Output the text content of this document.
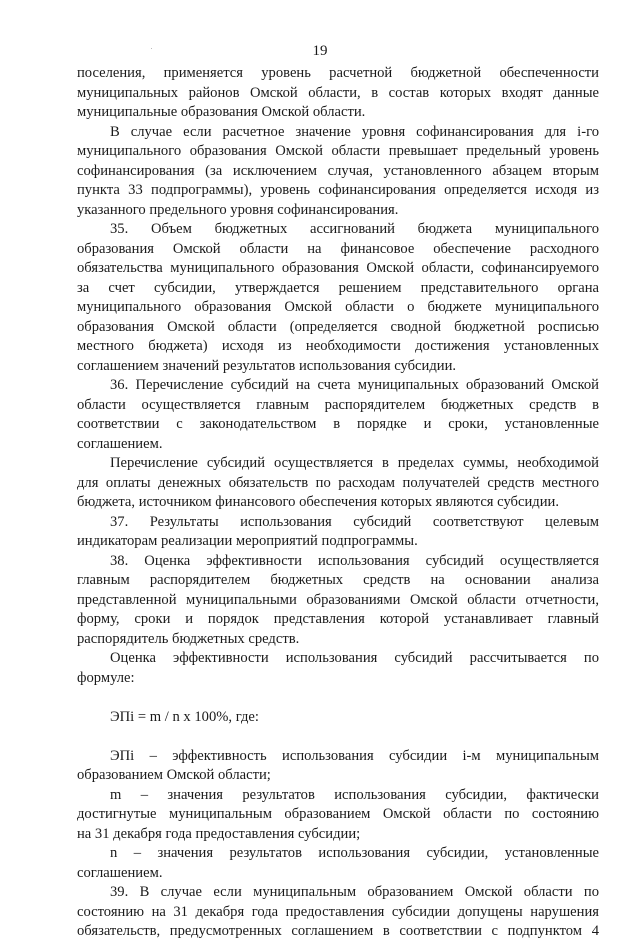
19

поселения, применяется уровень расчетной бюджетной обеспеченности

муниципальных районов Омской области, в состав которых входят данные

муниципальные образования Омской области.

В случае если расчетное значение уровня софинансирования для i-го

муниципального образования Омской области превышает предельный уровень

софинансирования (за исключением случая, установленного абзацем вторым

пункта 33 подпрограммы), уровень софинансирования определяется исходя из

указанного предельного уровня софинансирования.

35. Объем бюджетных ассигнований бюджета муниципального

образования Омской области на финансовое обеспечение расходного

обязательства муниципального образования Омской области, софинансируемого

за счет субсидии, утверждается решением представительного органа

муниципального образования Омской области о бюджете муниципального

образования Омской области (определяется сводной бюджетной росписью

местного бюджета) исходя из необходимости достижения установленных

соглашением значений результатов использования субсидии.

36. Перечисление субсидий на счета муниципальных образований Омской

области осуществляется главным распорядителем бюджетных средств в

соответствии с законодательством в порядке и сроки, установленные

соглашением.

Перечисление субсидий осуществляется в пределах суммы, необходимой

для оплаты денежных обязательств по расходам получателей средств местного

бюджета, источником финансового обеспечения которых являются субсидии.

37. Результаты использования субсидий соответствуют целевым

индикаторам реализации мероприятий подпрограммы.

38. Оценка эффективности использования субсидий осуществляется

главным распорядителем бюджетных средств на основании анализа

представленной муниципальными образованиями Омской области отчетности,

форму, сроки и порядок представления которой устанавливает главный

распорядитель бюджетных средств.

Оценка эффективности использования субсидий рассчитывается по

формуле:

ЭПi = m / n x 100%, где:

ЭПi – эффективность использования субсидии i-м муниципальным

образованием Омской области;

m – значения результатов использования субсидии, фактически

достигнутые муниципальным образованием Омской области по состоянию

на 31 декабря года предоставления субсидии;

n – значения результатов использования субсидии, установленные

соглашением.

39. В случае если муниципальным образованием Омской области по

состоянию на 31 декабря года предоставления субсидии допущены нарушения

обязательств, предусмотренных соглашением в соответствии с подпунктом 4
